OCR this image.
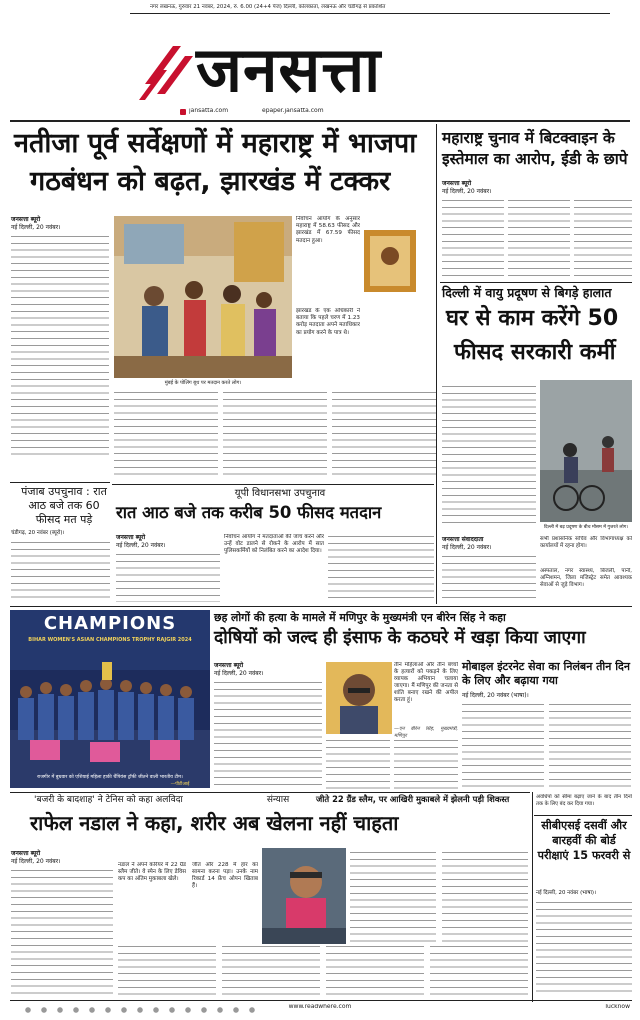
नगर लखनऊ, गुरुवार 21 नवंबर, 2024, रु. 6.00 (24+4 पेज) दिल्ली, कोलकाता, लखनऊ और चंडीगढ़ से प्रकाशित
जनसत्ता
jansatta.com	epaper.jansatta.com
नतीजा पूर्व सर्वेक्षणों में महाराष्ट्र में भाजपा
गठबंधन को बढ़त, झारखंड में टक्कर
जनसत्ता ब्यूरो
नई दिल्ली, 20 नवंबर।
मुंबई के पोलिंग बूथ पर मतदान करते लोग।
निर्वाचन आयोग के अनुसार महाराष्ट्र में 58.63 फीसद और झारखंड में 67.59 फीसद मतदान हुआ।
झारखंड के एक अधिकारी ने बताया कि पहले चरण में 1.23 करोड़ मतदाता अपने मताधिकार का प्रयोग करने के पात्र थे।
महाराष्ट्र चुनाव में बिटक्वाइन के इस्तेमाल का आरोप, ईडी के छापे
जनसत्ता ब्यूरो
नई दिल्ली, 20 नवंबर।
दिल्ली में वायु प्रदूषण से बिगड़े हालात
घर से काम करेंगे 50
फीसद सरकारी कर्मी
दिल्ली में बढ़ प्रदूषण के बीच मौसम में गुजरते लोग।
पंजाब उपचुनाव : रात
आठ बजे तक 60
फीसद मत पड़े
चंडीगढ़, 20 नवंबर (ब्यूरो)।
यूपी विधानसभा उपचुनाव
रात आठ बजे तक करीब 50 फीसद मतदान
जनसत्ता ब्यूरो
नई दिल्ली, 20 नवंबर।
निर्वाचन आयोग ने मतदाताओं की जांच करने और उन्हें वोट डालने से रोकने के आरोप में सात पुलिसकर्मियों को निलंबित करने का आदेश दिया।
जनसत्ता संवाददाता
नई दिल्ली, 20 नवंबर।
सभी प्रशासनिक सचिव और विभागाध्यक्ष को कार्यालयों में रहना होगा।
अस्पताल, नगर स्वास्थ्य, बिजली, पानी, अग्निशमन, जिला मजिस्ट्रेट समेत आवश्यक सेवाओं से जुड़े विभाग।
CHAMPIONS
BIHAR WOMEN'S ASIAN CHAMPIONS TROPHY RAJGIR 2024
राजगीर में बुधवार को एशियाई महिला हाकी चैंपियंस ट्रॉफी जीतने वाली भारतीय टीम।
—पीटीआई
छह लोगों की हत्या के मामले में मणिपुर के मुख्यमंत्री एन बीरेन सिंह ने कहा
दोषियों को जल्द ही इंसाफ के कठघरे में खड़ा किया जाएगा
जनसत्ता ब्यूरो
नई दिल्ली, 20 नवंबर।
तीन महिलाओं और तीन बच्चों के हत्यारों को पकड़ने के लिए व्यापक अभियान चलाया जाएगा। मैं मणिपुर की जनता से शांति बनाए रखने की अपील करता हूं।
—एन बीरेन सिंह, मुख्यमंत्री, मणिपुर
मोबाइल इंटरनेट सेवा का निलंबन तीन दिन के लिए और बढ़ाया गया
नई दिल्ली, 20 नवंबर (भाषा)।
'बजरी के बादशाह' ने टेनिस को कहा अलविदा	संन्यास	जीते 22 ग्रैंड स्लैम, पर आखिरी मुकाबले में झेलनी पड़ी शिकस्त
राफेल नडाल ने कहा, शरीर अब खेलना नहीं चाहता
जनसत्ता ब्यूरो
नई दिल्ली, 20 नवंबर।	नडाल ने अपने करियर में 22 ग्रैंड स्लैम जीते। वे स्पेन के लिए डेविस कप का अंतिम मुकाबला खेले।
जीत और 228 में हार का सामना करना पड़ा। उनके नाम रिकार्ड 14 फ्रेंच ओपन खिताब हैं।
अवधिपों को सीमा बढ़ाए जाने के बाद तीन दिनों तक के लिए बंद कर दिया गया।
सीबीएसई दसवीं और बारहवीं की बोर्ड परीक्षाएं 15 फरवरी से
नई दिल्ली, 20 नवंबर (भाषा)।
www.readwhere.com	lucknow
